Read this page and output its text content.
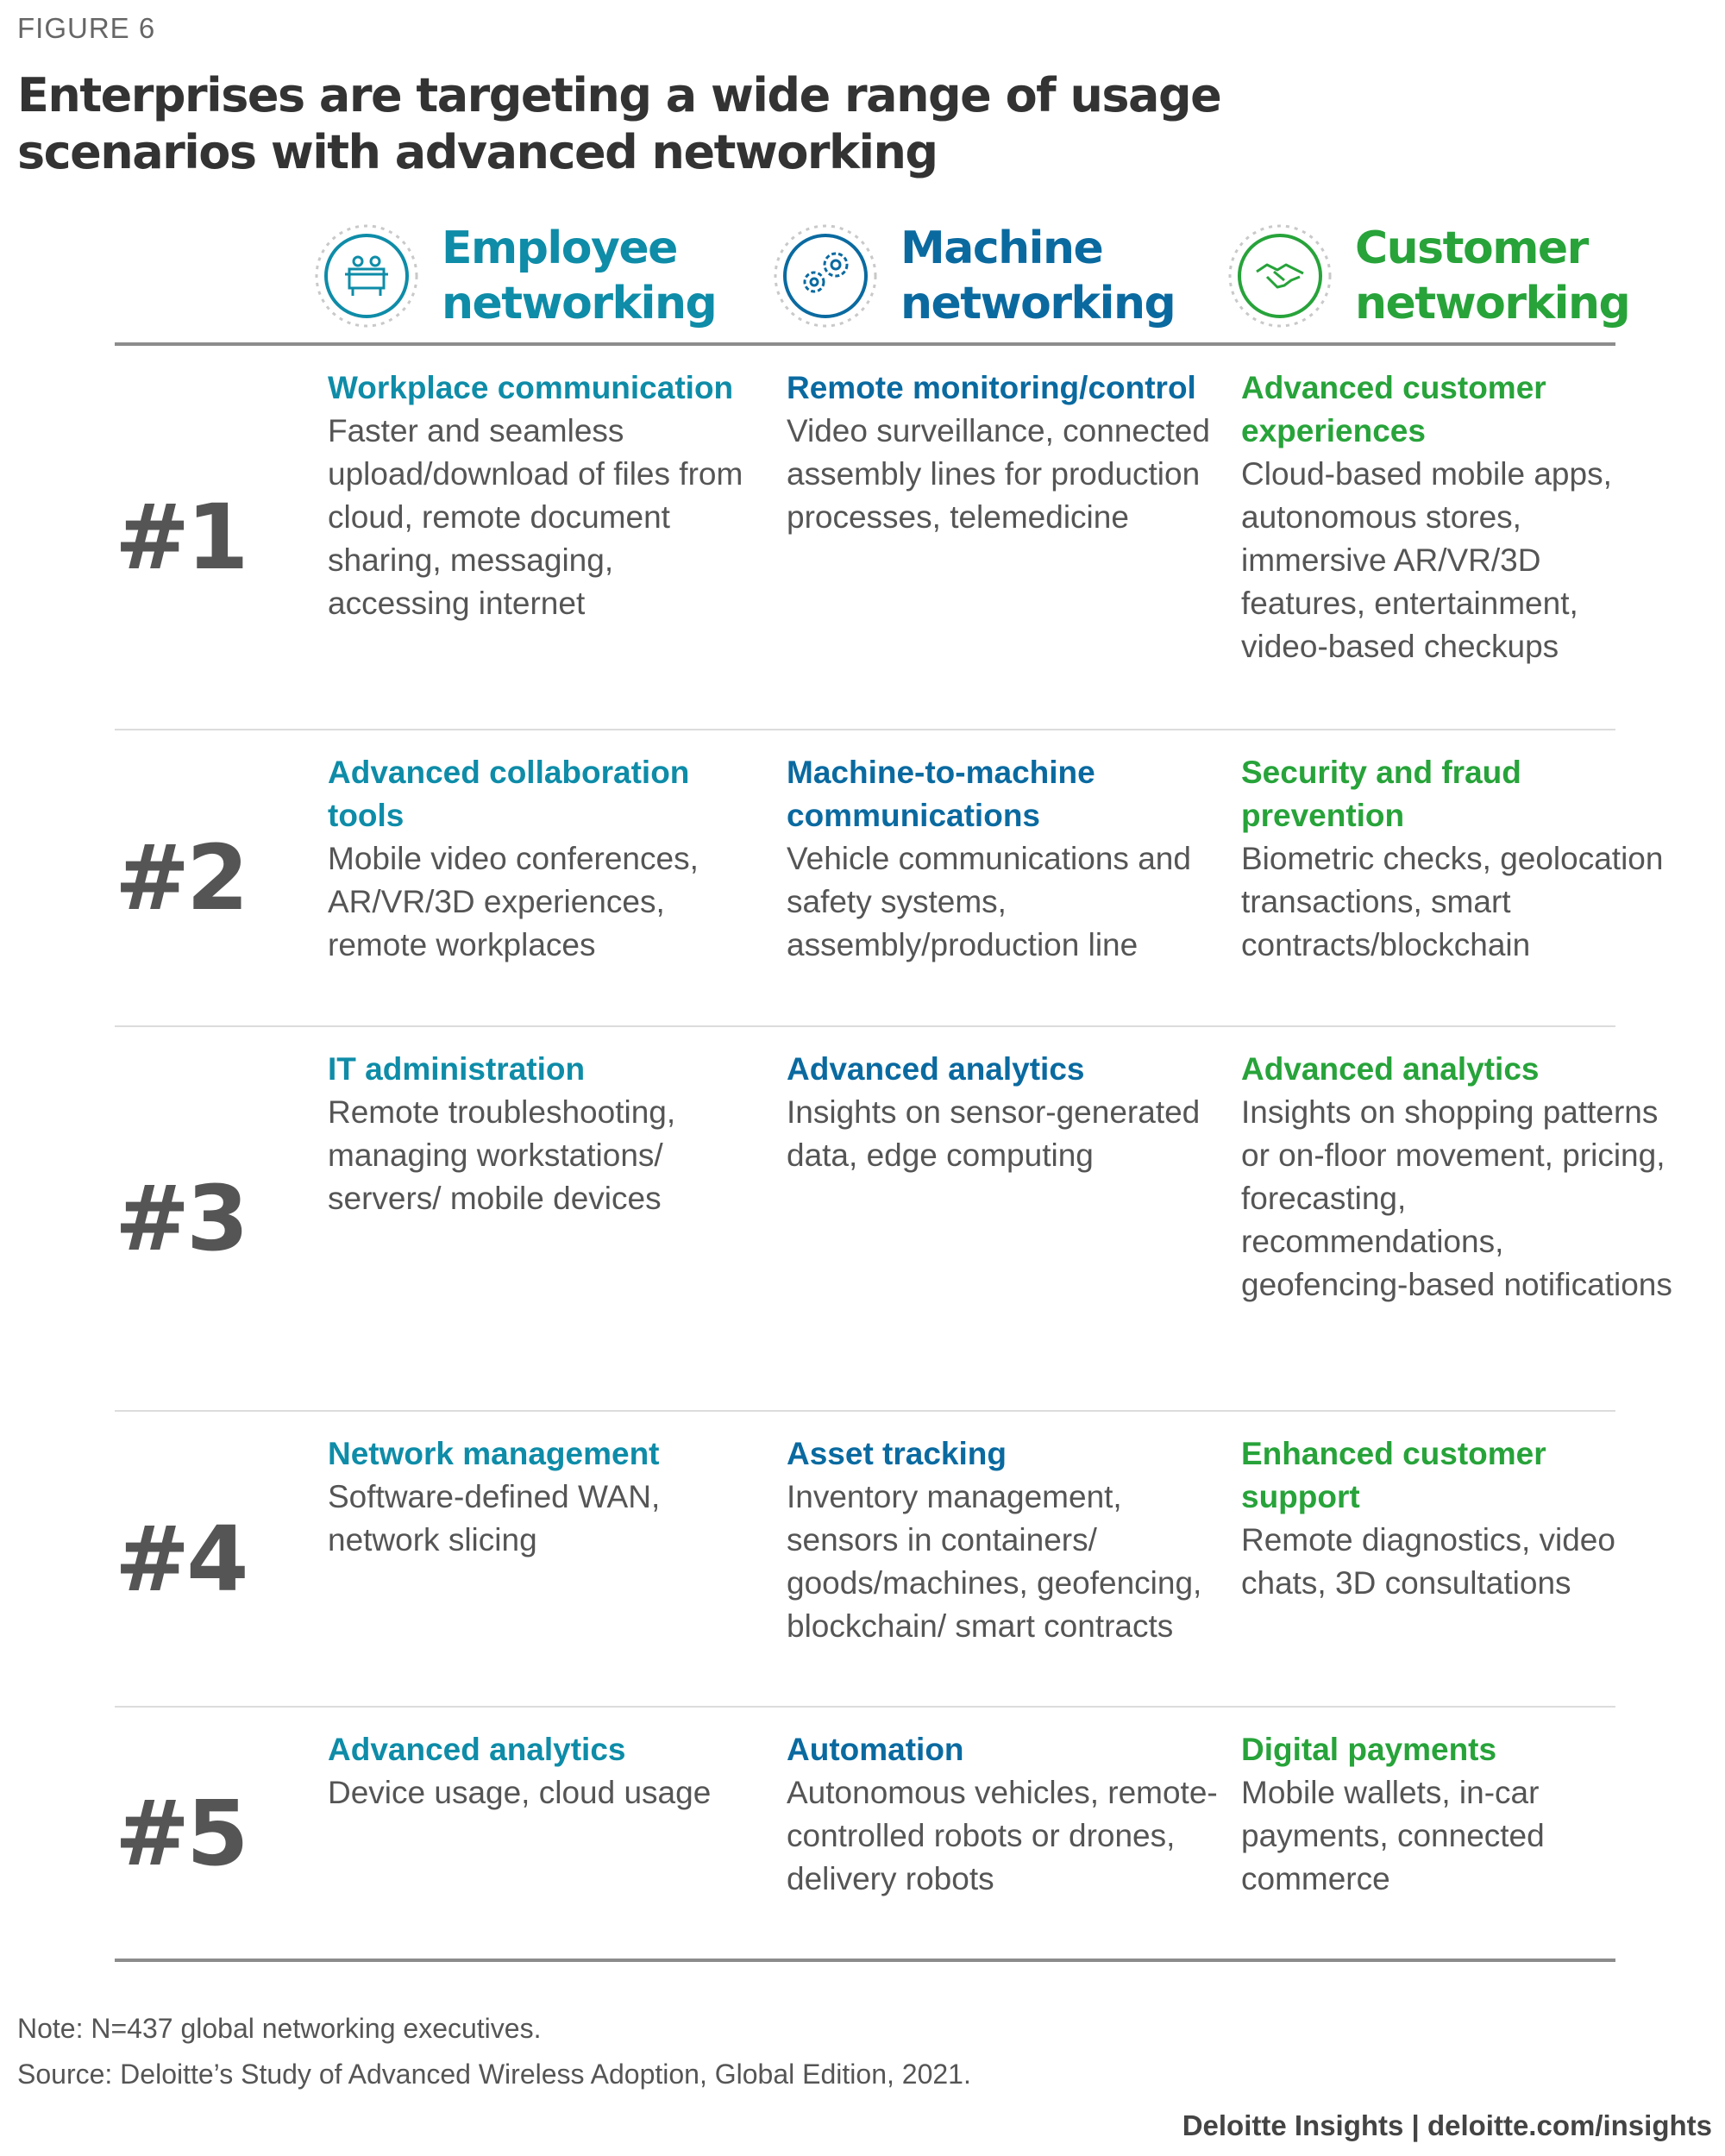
FIGURE 6
Enterprises are targeting a wide range of usage scenarios with advanced networking
Employee networking
Machine networking
Customer networking
#1
Workplace communication
Faster and seamless upload/download of files from cloud, remote document sharing, messaging, accessing internet
Remote monitoring/control
Video surveillance, connected assembly lines for production processes, telemedicine
Advanced customer experiences
Cloud-based mobile apps, autonomous stores, immersive AR/VR/3D features, entertainment, video-based checkups
#2
Advanced collaboration tools
Mobile video conferences, AR/VR/3D experiences, remote workplaces
Machine-to-machine communications
Vehicle communications and safety systems, assembly/production line
Security and fraud prevention
Biometric checks, geolocation transactions, smart contracts/blockchain
#3
IT administration
Remote troubleshooting, managing workstations/ servers/ mobile devices
Advanced analytics
Insights on sensor-generated data, edge computing
Advanced analytics
Insights on shopping patterns or on-floor movement, pricing, forecasting, recommendations, geofencing-based notifications
#4
Network management
Software-defined WAN, network slicing
Asset tracking
Inventory management, sensors in containers/ goods/machines, geofencing, blockchain/ smart contracts
Enhanced customer support
Remote diagnostics, video chats, 3D consultations
#5
Advanced analytics
Device usage, cloud usage
Automation
Autonomous vehicles, remote-controlled robots or drones, delivery robots
Digital payments
Mobile wallets, in-car payments, connected commerce
Note: N=437 global networking executives.
Source: Deloitte’s Study of Advanced Wireless Adoption, Global Edition, 2021.
Deloitte Insights | deloitte.com/insights
